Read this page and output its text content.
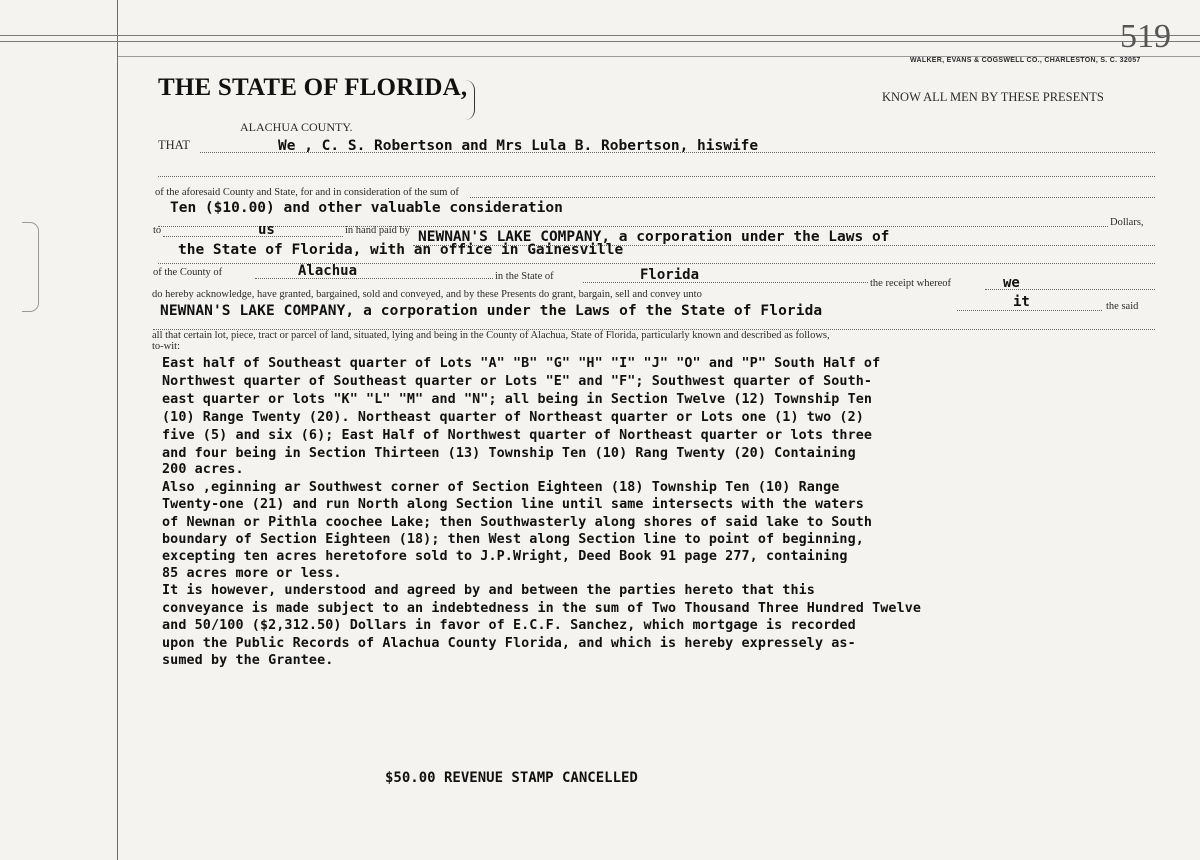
519
WALKER, EVANS & COGSWELL CO., CHARLESTON, S. C. 32057
THE STATE OF FLORIDA,	KNOW ALL MEN BY THESE PRESENTS
ALACHUA COUNTY.
THAT	We , C. S. Robertson and Mrs Lula B. Robertson, hiswife
of the aforesaid County and State, for and in consideration of the sum of
Ten ($10.00) and other valuable consideration
Dollars,
to	us	in hand paid by NEWNAN'S LAKE COMPANY, a corporation under the Laws of
the State of Florida, with an office in Gainesville
of the County of	Alachua	in the State of	Florida
the receipt whereof	we
do hereby acknowledge, have granted, bargained, sold and conveyed, and by these Presents do grant, bargain, sell and convey unto	it	the said
NEWNAN'S LAKE COMPANY, a corporation under the Laws of the State of Florida
all that certain lot, piece, tract or parcel of land, situated, lying and being in the County of Alachua, State of Florida, particularly known and described as follows,
to-wit:
East half of Southeast quarter of Lots "A" "B" "G" "H" "I" "J" "O" and "P" South Half of
Northwest quarter of Southeast quarter or Lots "E" and "F"; Southwest quarter of South-
east quarter or lots "K" "L" "M" and "N"; all being in Section Twelve (12) Township Ten
(10) Range Twenty (20). Northeast quarter of Northeast quarter or Lots one (1) two (2)
five (5) and six (6); East Half of Northwest quarter of Northeast quarter or lots three
and four being in Section Thirteen (13) Township Ten (10) Rang Twenty (20) Containing
200 acres.
Also ,eginning ar Southwest corner of Section Eighteen (18) Township Ten (10) Range
Twenty-one (21) and run North along Section line until same intersects with the waters
of Newnan or Pithla coochee Lake; then Southwasterly along shores of said lake to South
boundary of Section Eighteen (18); then West along Section line to point of beginning,
excepting ten acres heretofore sold to J.P.Wright, Deed Book 91 page 277, containing
85 acres more or less.
It is however, understood and agreed by and between the parties hereto that this
conveyance is made subject to an indebtedness in the sum of Two Thousand Three Hundred Twelve
and 50/100 ($2,312.50) Dollars in favor of E.C.F. Sanchez, which mortgage is recorded
upon the Public Records of Alachua County Florida, and which is hereby expressely as-
sumed by the Grantee.
$50.00 REVENUE STAMP CANCELLED
